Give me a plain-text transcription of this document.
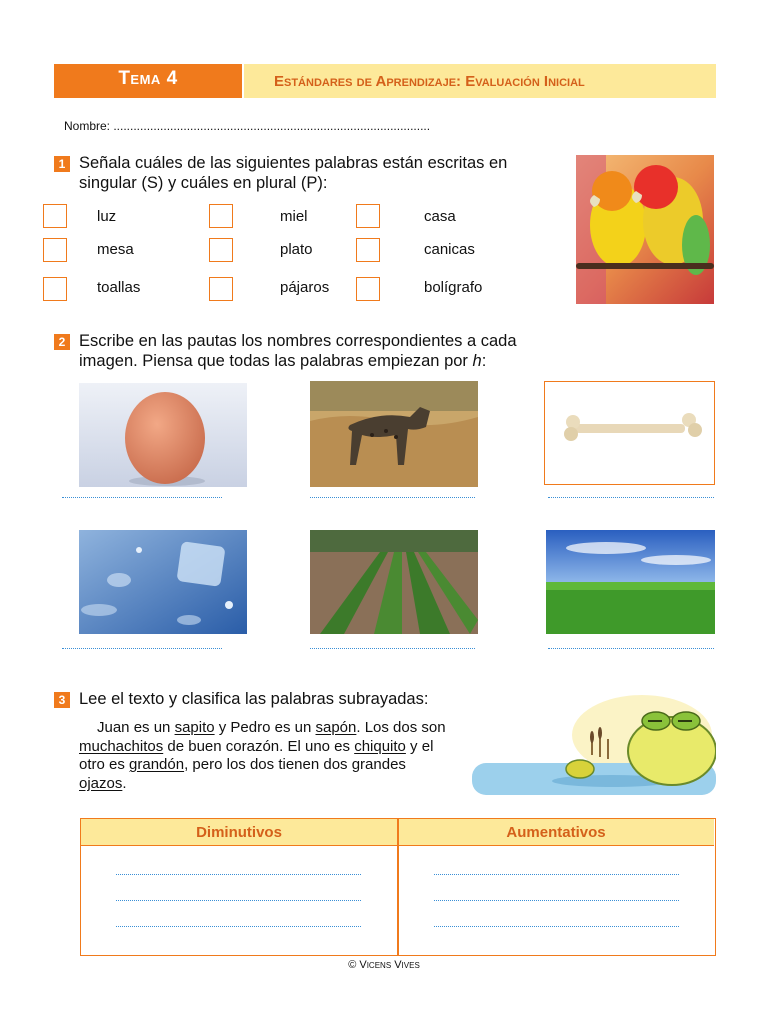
Tema 4	Estándares de Aprendizaje: Evaluación Inicial
Nombre: ...............................................................................................
1 Señala cuáles de las siguientes palabras están escritas en singular (S) y cuáles en plural (P):
luz	miel	casa
mesa	plato	canicas
toallas	pájaros	bolígrafo
2 Escribe en las pautas los nombres correspondientes a cada imagen. Piensa que todas las palabras empiezan por h:
3 Lee el texto y clasifica las palabras subrayadas:
Juan es un sapito y Pedro es un sapón. Los dos son muchachitos de buen corazón. El uno es chiquito y el otro es grandón, pero los dos tienen dos grandes ojazos.
Diminutivos	Aumentativos
© Vicens Vives
